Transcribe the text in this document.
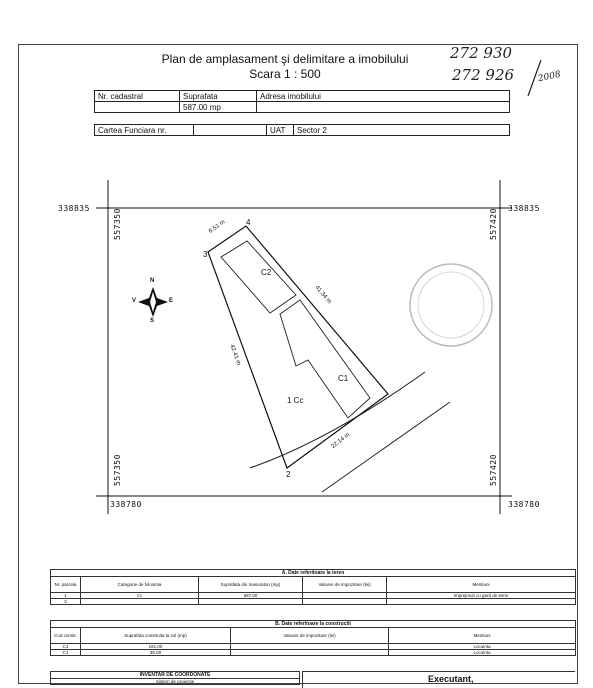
Plan de amplasament şi delimitare a imobilului
Scara 1 : 500
272 930
272 926	2008
Nr. cadastral	Suprafata	Adresa imobilului
	587.00 mp	
Cartea Funciara nr.		UAT	Sector 2
338835	338835
338780	338780
557350
557350
557420
557420
6.51 m
41.34 m
42.41 m
22.14 m
2
3
4
C1
C2
1 Cc
N
S
E
V
A. Date referitoare la teren				
Nr. parcela	Categorie de folosinta	Suprafata din masuratori (mp)	Valoare de impozitare (lei)	Mentiuni
1	Cc	587.00		Imprejmuit cu gard de lemn
2				
B. Date referitoare la constructii			
Cod constr.	Suprafata construita la sol (mp)	Valoare de impozitare (lei)	Mentiuni
C1	191.00		Locuinta
C1	35.00		Locuinta
INVENTAR DE COORDONATE
Sistem de proiectie	Executant,
